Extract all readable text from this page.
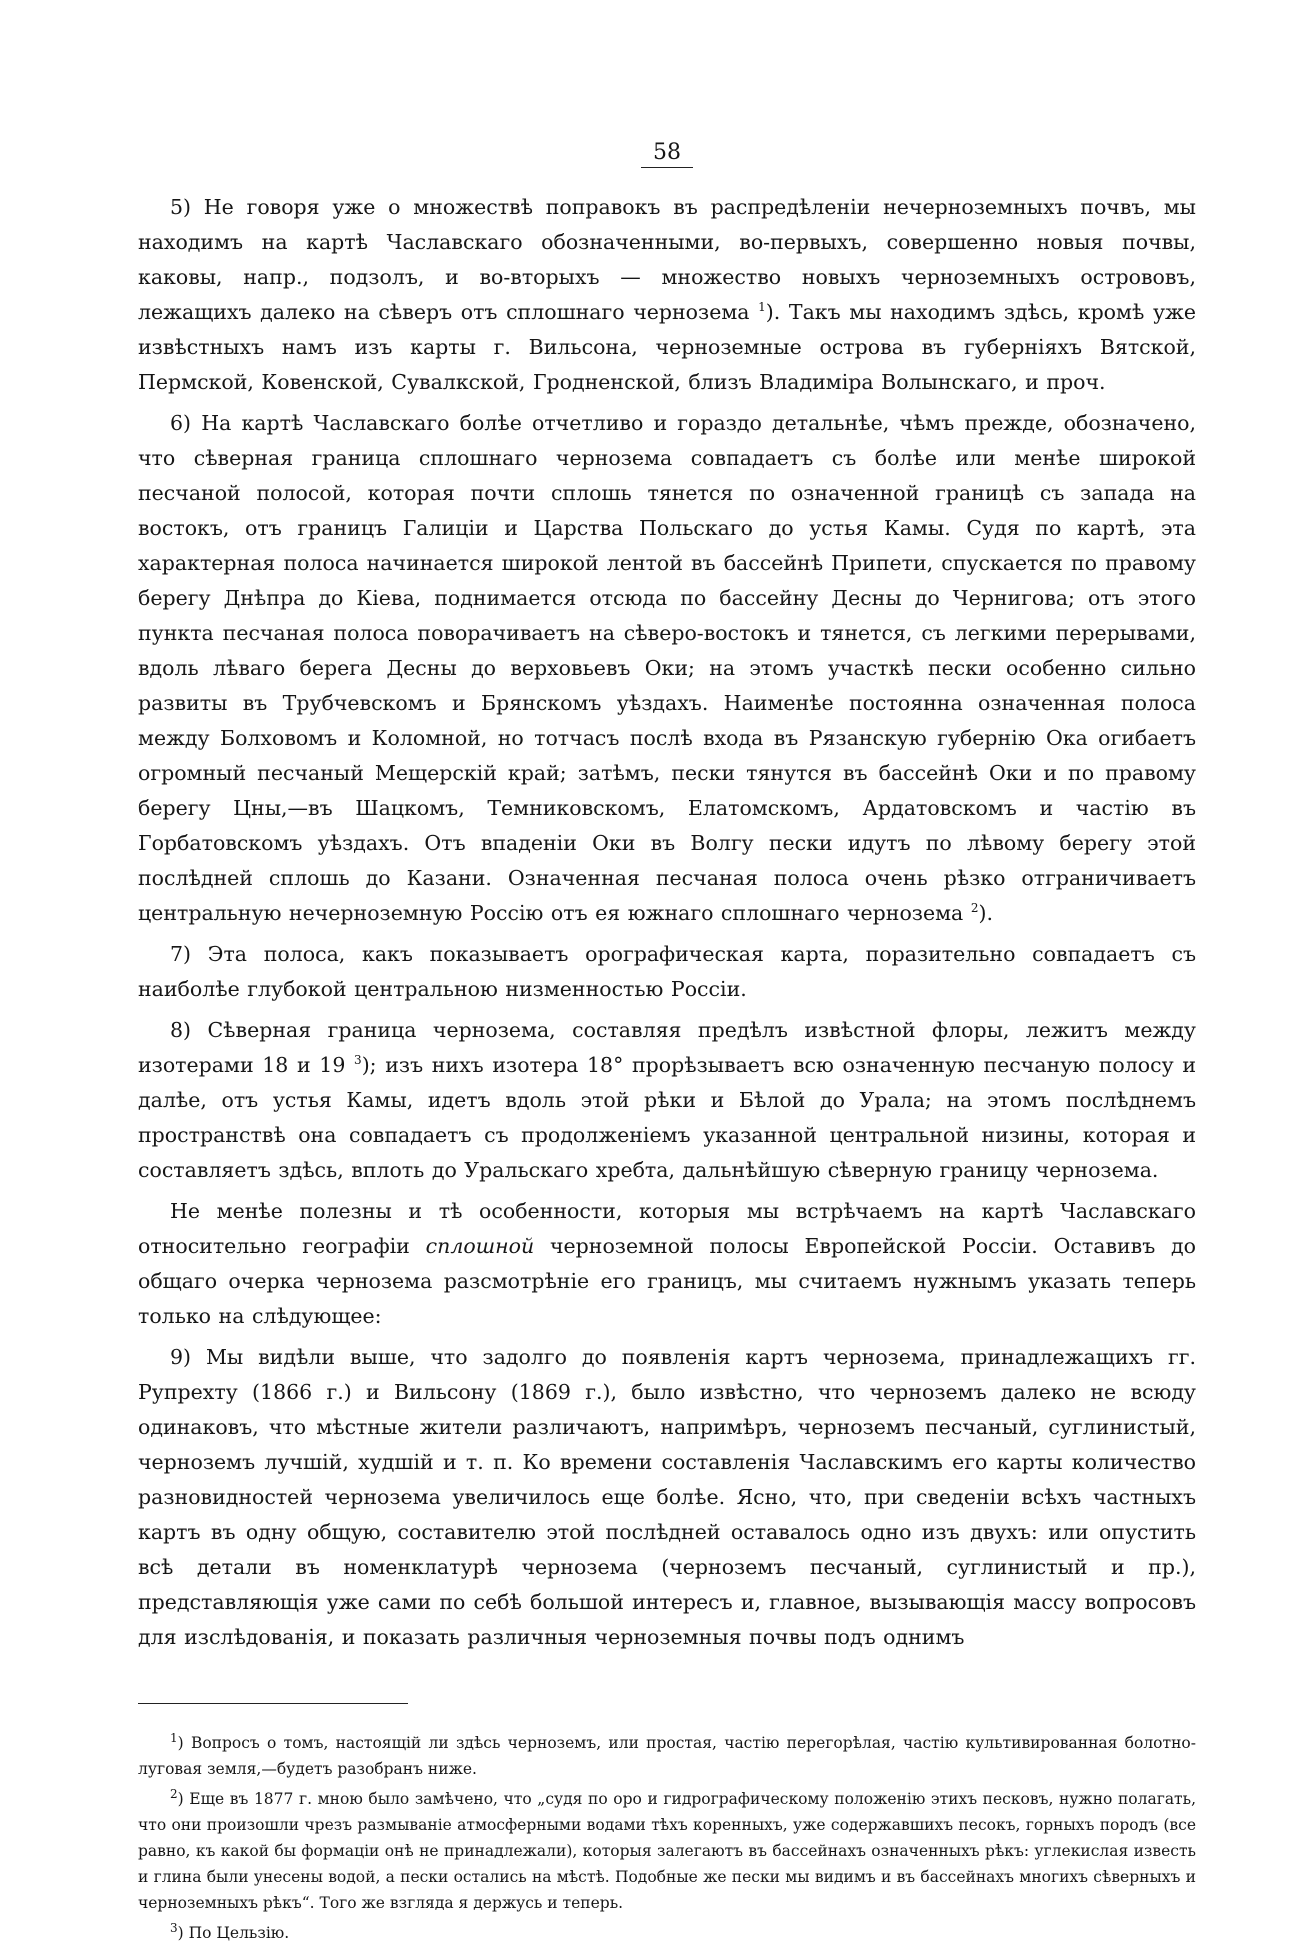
58

5) Не говоря уже о множествѣ поправокъ въ распредѣленіи нечерноземныхъ почвъ, мы находимъ на картѣ Чаславскаго обозначенными, во-первыхъ, совершенно новыя почвы, каковы, напр., подзолъ, и во-вторыхъ — множество новыхъ черноземныхъ острововъ, лежащихъ далеко на сѣверъ отъ сплошнаго чернозема $^1$). Такъ мы находимъ здѣсь, кромѣ уже извѣстныхъ намъ изъ карты г. Вильсона, черноземные острова въ губерніяхъ Вятской, Пермской, Ковенской, Сувалкской, Гродненской, близъ Владиміра Волынскаго, и проч.

6) На картѣ Чаславскаго болѣе отчетливо и гораздо детальнѣе, чѣмъ прежде, обозначено, что сѣверная граница сплошнаго чернозема совпадаетъ съ болѣе или менѣе широкой песчаной полосой, которая почти сплошь тянется по означенной границѣ съ запада на востокъ, отъ границъ Галиціи и Царства Польскаго до устья Камы. Судя по картѣ, эта характерная полоса начинается широкой лентой въ бассейнѣ Припети, спускается по правому берегу Днѣпра до Кіева, поднимается отсюда по бассейну Десны до Чернигова; отъ этого пункта песчаная полоса поворачиваетъ на сѣверо-востокъ и тянется, съ легкими перерывами, вдоль лѣваго берега Десны до верховьевъ Оки; на этомъ участкѣ пески особенно сильно развиты въ Трубчевскомъ и Брянскомъ уѣздахъ. Наименѣе постоянна означенная полоса между Болховомъ и Коломной, но тотчасъ послѣ входа въ Рязанскую губернію Ока огибаетъ огромный песчаный Мещерскій край; затѣмъ, пески тянутся въ бассейнѣ Оки и по правому берегу Цны,—въ Шацкомъ, Темниковскомъ, Елатомскомъ, Ардатовскомъ и частію въ Горбатовскомъ уѣздахъ. Отъ впаденіи Оки въ Волгу пески идутъ по лѣвому берегу этой послѣдней сплошь до Казани. Означенная песчаная полоса очень рѣзко отграничиваетъ центральную нечерноземную Россію отъ ея южнаго сплошнаго чернозема $^2$).

7) Эта полоса, какъ показываетъ орографическая карта, поразительно совпадаетъ съ наиболѣе глубокой центральною низменностью Россіи.

8) Сѣверная граница чернозема, составляя предѣлъ извѣстной флоры, лежитъ между изотерами 18 и 19 $^3$); изъ нихъ изотера 18° прорѣзываетъ всю означенную песчаную полосу и далѣе, отъ устья Камы, идетъ вдоль этой рѣки и Бѣлой до Урала; на этомъ послѣднемъ пространствѣ она совпадаетъ съ продолженіемъ указанной центральной низины, которая и составляетъ здѣсь, вплоть до Уральскаго хребта, дальнѣйшую сѣверную границу чернозема.

Не менѣе полезны и тѣ особенности, которыя мы встрѣчаемъ на картѣ Чаславскаго относительно географіи сплошной черноземной полосы Европейской Россіи. Оставивъ до общаго очерка чернозема разсмотрѣніе его границъ, мы считаемъ нужнымъ указать теперь только на слѣдующее:

9) Мы видѣли выше, что задолго до появленія картъ чернозема, принадлежащихъ гг. Рупрехту (1866 г.) и Вильсону (1869 г.), было извѣстно, что черноземъ далеко не всюду одинаковъ, что мѣстные жители различаютъ, напримѣръ, черноземъ песчаный, суглинистый, черноземъ лучшій, худшій и т. п. Ко времени составленія Чаславскимъ его карты количество разновидностей чернозема увеличилось еще болѣе. Ясно, что, при сведеніи всѣхъ частныхъ картъ въ одну общую, составителю этой послѣдней оставалось одно изъ двухъ: или опустить всѣ детали въ номенклатурѣ чернозема (черноземъ песчаный, суглинистый и пр.), представляющія уже сами по себѣ большой интересъ и, главное, вызывающія массу вопросовъ для изслѣдованія, и показать различныя черноземныя почвы подъ однимъ

$^1$) Вопросъ о томъ, настоящій ли здѣсь черноземъ, или простая, частію перегорѣлая, частію культивированная болотно-луговая земля,—будетъ разобранъ ниже.

$^2$) Еще въ 1877 г. мною было замѣчено, что „судя по оро и гидрографическому положенію этихъ песковъ, нужно полагать, что они произошли чрезъ размываніе атмосферными водами тѣхъ коренныхъ, уже содержавшихъ песокъ, горныхъ породъ (все равно, къ какой бы формаціи онѣ не принадлежали), которыя залегаютъ въ бассейнахъ означенныхъ рѣкъ: углекислая известь и глина были унесены водой, а пески остались на мѣстѣ. Подобные же пески мы видимъ и въ бассейнахъ многихъ сѣверныхъ и черноземныхъ рѣкъ“. Того же взгляда я держусь и теперь.

$^3$) По Цельзію.
